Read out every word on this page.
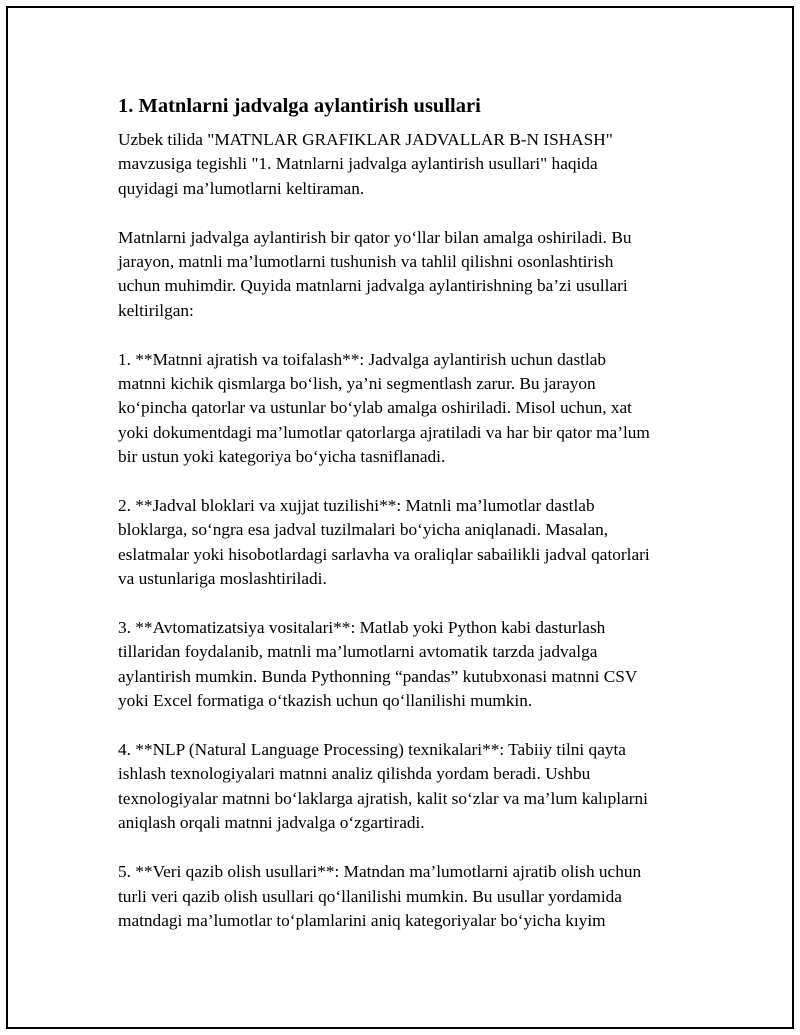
1. Matnlarni jadvalga aylantirish usullari

Uzbek tilida "MATNLAR GRAFIKLAR JADVALLAR B-N ISHASH"
mavzusiga tegishli "1. Matnlarni jadvalga aylantirish usullari" haqida
quyidagi ma’lumotlarni keltiraman.

Matnlarni jadvalga aylantirish bir qator yo‘llar bilan amalga oshiriladi. Bu
jarayon, matnli ma’lumotlarni tushunish va tahlil qilishni osonlashtirish
uchun muhimdir. Quyida matnlarni jadvalga aylantirishning ba’zi usullari
keltirilgan:

1. **Matnni ajratish va toifalash**: Jadvalga aylantirish uchun dastlab
matnni kichik qismlarga bo‘lish, ya’ni segmentlash zarur. Bu jarayon
ko‘pincha qatorlar va ustunlar bo‘ylab amalga oshiriladi. Misol uchun, xat
yoki dokumentdagi ma’lumotlar qatorlarga ajratiladi va har bir qator ma’lum
bir ustun yoki kategoriya bo‘yicha tasniflanadi.

2. **Jadval bloklari va xujjat tuzilishi**: Matnli ma’lumotlar dastlab
bloklarga, so‘ngra esa jadval tuzilmalari bo‘yicha aniqlanadi. Masalan,
eslatmalar yoki hisobotlardagi sarlavha va oraliqlar sabailikli jadval qatorlari
va ustunlariga moslashtiriladi.

3. **Avtomatizatsiya vositalari**: Matlab yoki Python kabi dasturlash
tillaridan foydalanib, matnli ma’lumotlarni avtomatik tarzda jadvalga
aylantirish mumkin. Bunda Pythonning “pandas” kutubxonasi matnni CSV
yoki Excel formatiga o‘tkazish uchun qo‘llanilishi mumkin.

4. **NLP (Natural Language Processing) texnikalari**: Tabiiy tilni qayta
ishlash texnologiyalari matnni analiz qilishda yordam beradi. Ushbu
texnologiyalar matnni bo‘laklarga ajratish, kalit so‘zlar va ma’lum kalıplarni
aniqlash orqali matnni jadvalga o‘zgartiradi.

5. **Veri qazib olish usullari**: Matndan ma’lumotlarni ajratib olish uchun
turli veri qazib olish usullari qo‘llanilishi mumkin. Bu usullar yordamida
matndagi ma’lumotlar to‘plamlarini aniq kategoriyalar bo‘yicha kıyim
